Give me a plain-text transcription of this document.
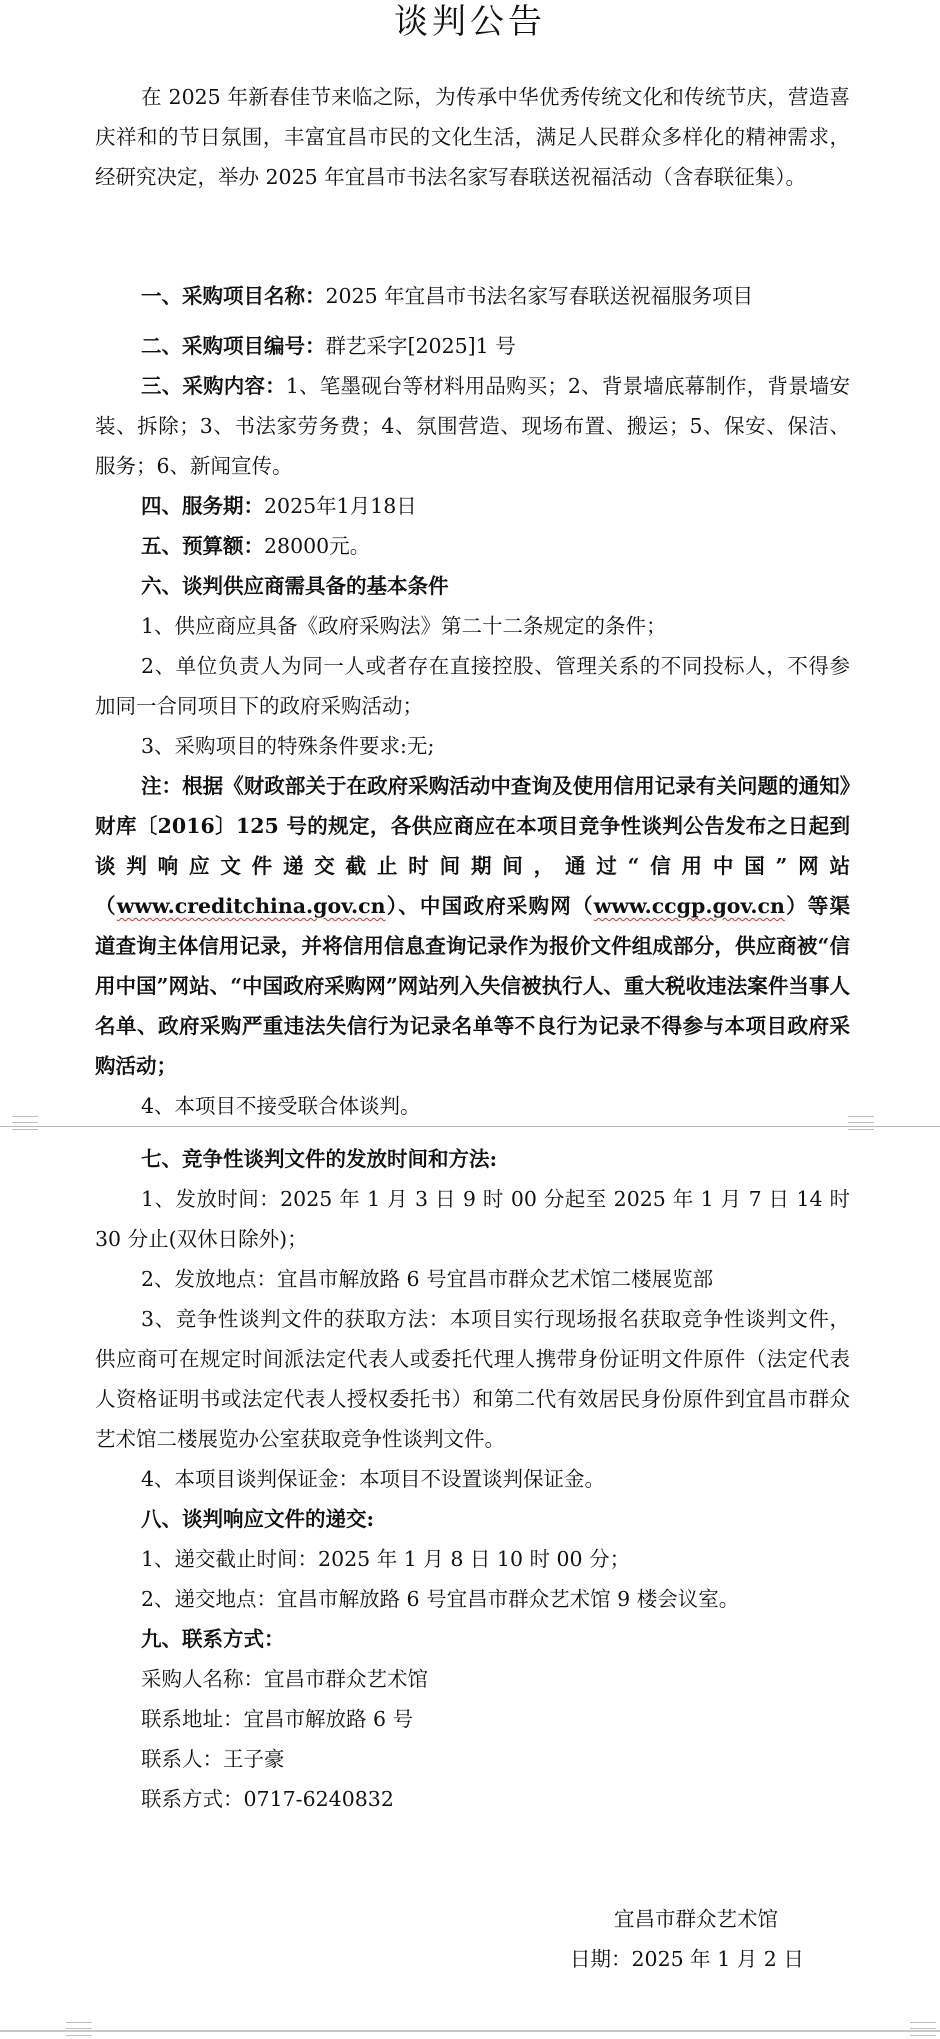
谈判公告
在 2025 年新春佳节来临之际，为传承中华优秀传统文化和传统节庆，营造喜庆祥和的节日氛围，丰富宜昌市民的文化生活，满足人民群众多样化的精神需求，经研究决定，举办 2025 年宜昌市书法名家写春联送祝福活动（含春联征集）。
一、采购项目名称：2025 年宜昌市书法名家写春联送祝福服务项目
二、采购项目编号：群艺采字[2025]1 号
三、采购内容：1、笔墨砚台等材料用品购买；2、背景墙底幕制作，背景墙安装、拆除；3、书法家劳务费；4、氛围营造、现场布置、搬运；5、保安、保洁、服务；6、新闻宣传。
四、服务期：2025年1月18日
五、预算额：28000元。
六、谈判供应商需具备的基本条件
1、供应商应具备《政府采购法》第二十二条规定的条件；
2、单位负责人为同一人或者存在直接控股、管理关系的不同投标人，不得参加同一合同项目下的政府采购活动；
3、采购项目的特殊条件要求:无;
注：根据《财政部关于在政府采购活动中查询及使用信用记录有关问题的通知》财库〔2016〕125 号的规定，各供应商应在本项目竞争性谈判公告发布之日起到谈判响应文件递交截止时间期间，通过“信用中国”网站（www.creditchina.gov.cn）、中国政府采购网（www.ccgp.gov.cn）等渠道查询主体信用记录，并将信用信息查询记录作为报价文件组成部分，供应商被“信用中国”网站、“中国政府采购网”网站列入失信被执行人、重大税收违法案件当事人名单、政府采购严重违法失信行为记录名单等不良行为记录不得参与本项目政府采购活动；
4、本项目不接受联合体谈判。
七、竞争性谈判文件的发放时间和方法:
1、发放时间：2025 年 1 月 3 日 9 时 00 分起至 2025 年 1 月 7 日 14 时 30 分止(双休日除外)；
2、发放地点：宜昌市解放路 6 号宜昌市群众艺术馆二楼展览部
3、竞争性谈判文件的获取方法：本项目实行现场报名获取竞争性谈判文件，供应商可在规定时间派法定代表人或委托代理人携带身份证明文件原件（法定代表人资格证明书或法定代表人授权委托书）和第二代有效居民身份原件到宜昌市群众艺术馆二楼展览办公室获取竞争性谈判文件。
4、本项目谈判保证金：本项目不设置谈判保证金。
八、谈判响应文件的递交:
1、递交截止时间：2025 年 1 月 8 日 10 时 00 分；
2、递交地点：宜昌市解放路 6 号宜昌市群众艺术馆 9 楼会议室。
九、联系方式：
采购人名称：宜昌市群众艺术馆
联系地址：宜昌市解放路 6 号
联系人：王子豪
联系方式：0717-6240832
宜昌市群众艺术馆
日期：2025 年 1 月 2 日
